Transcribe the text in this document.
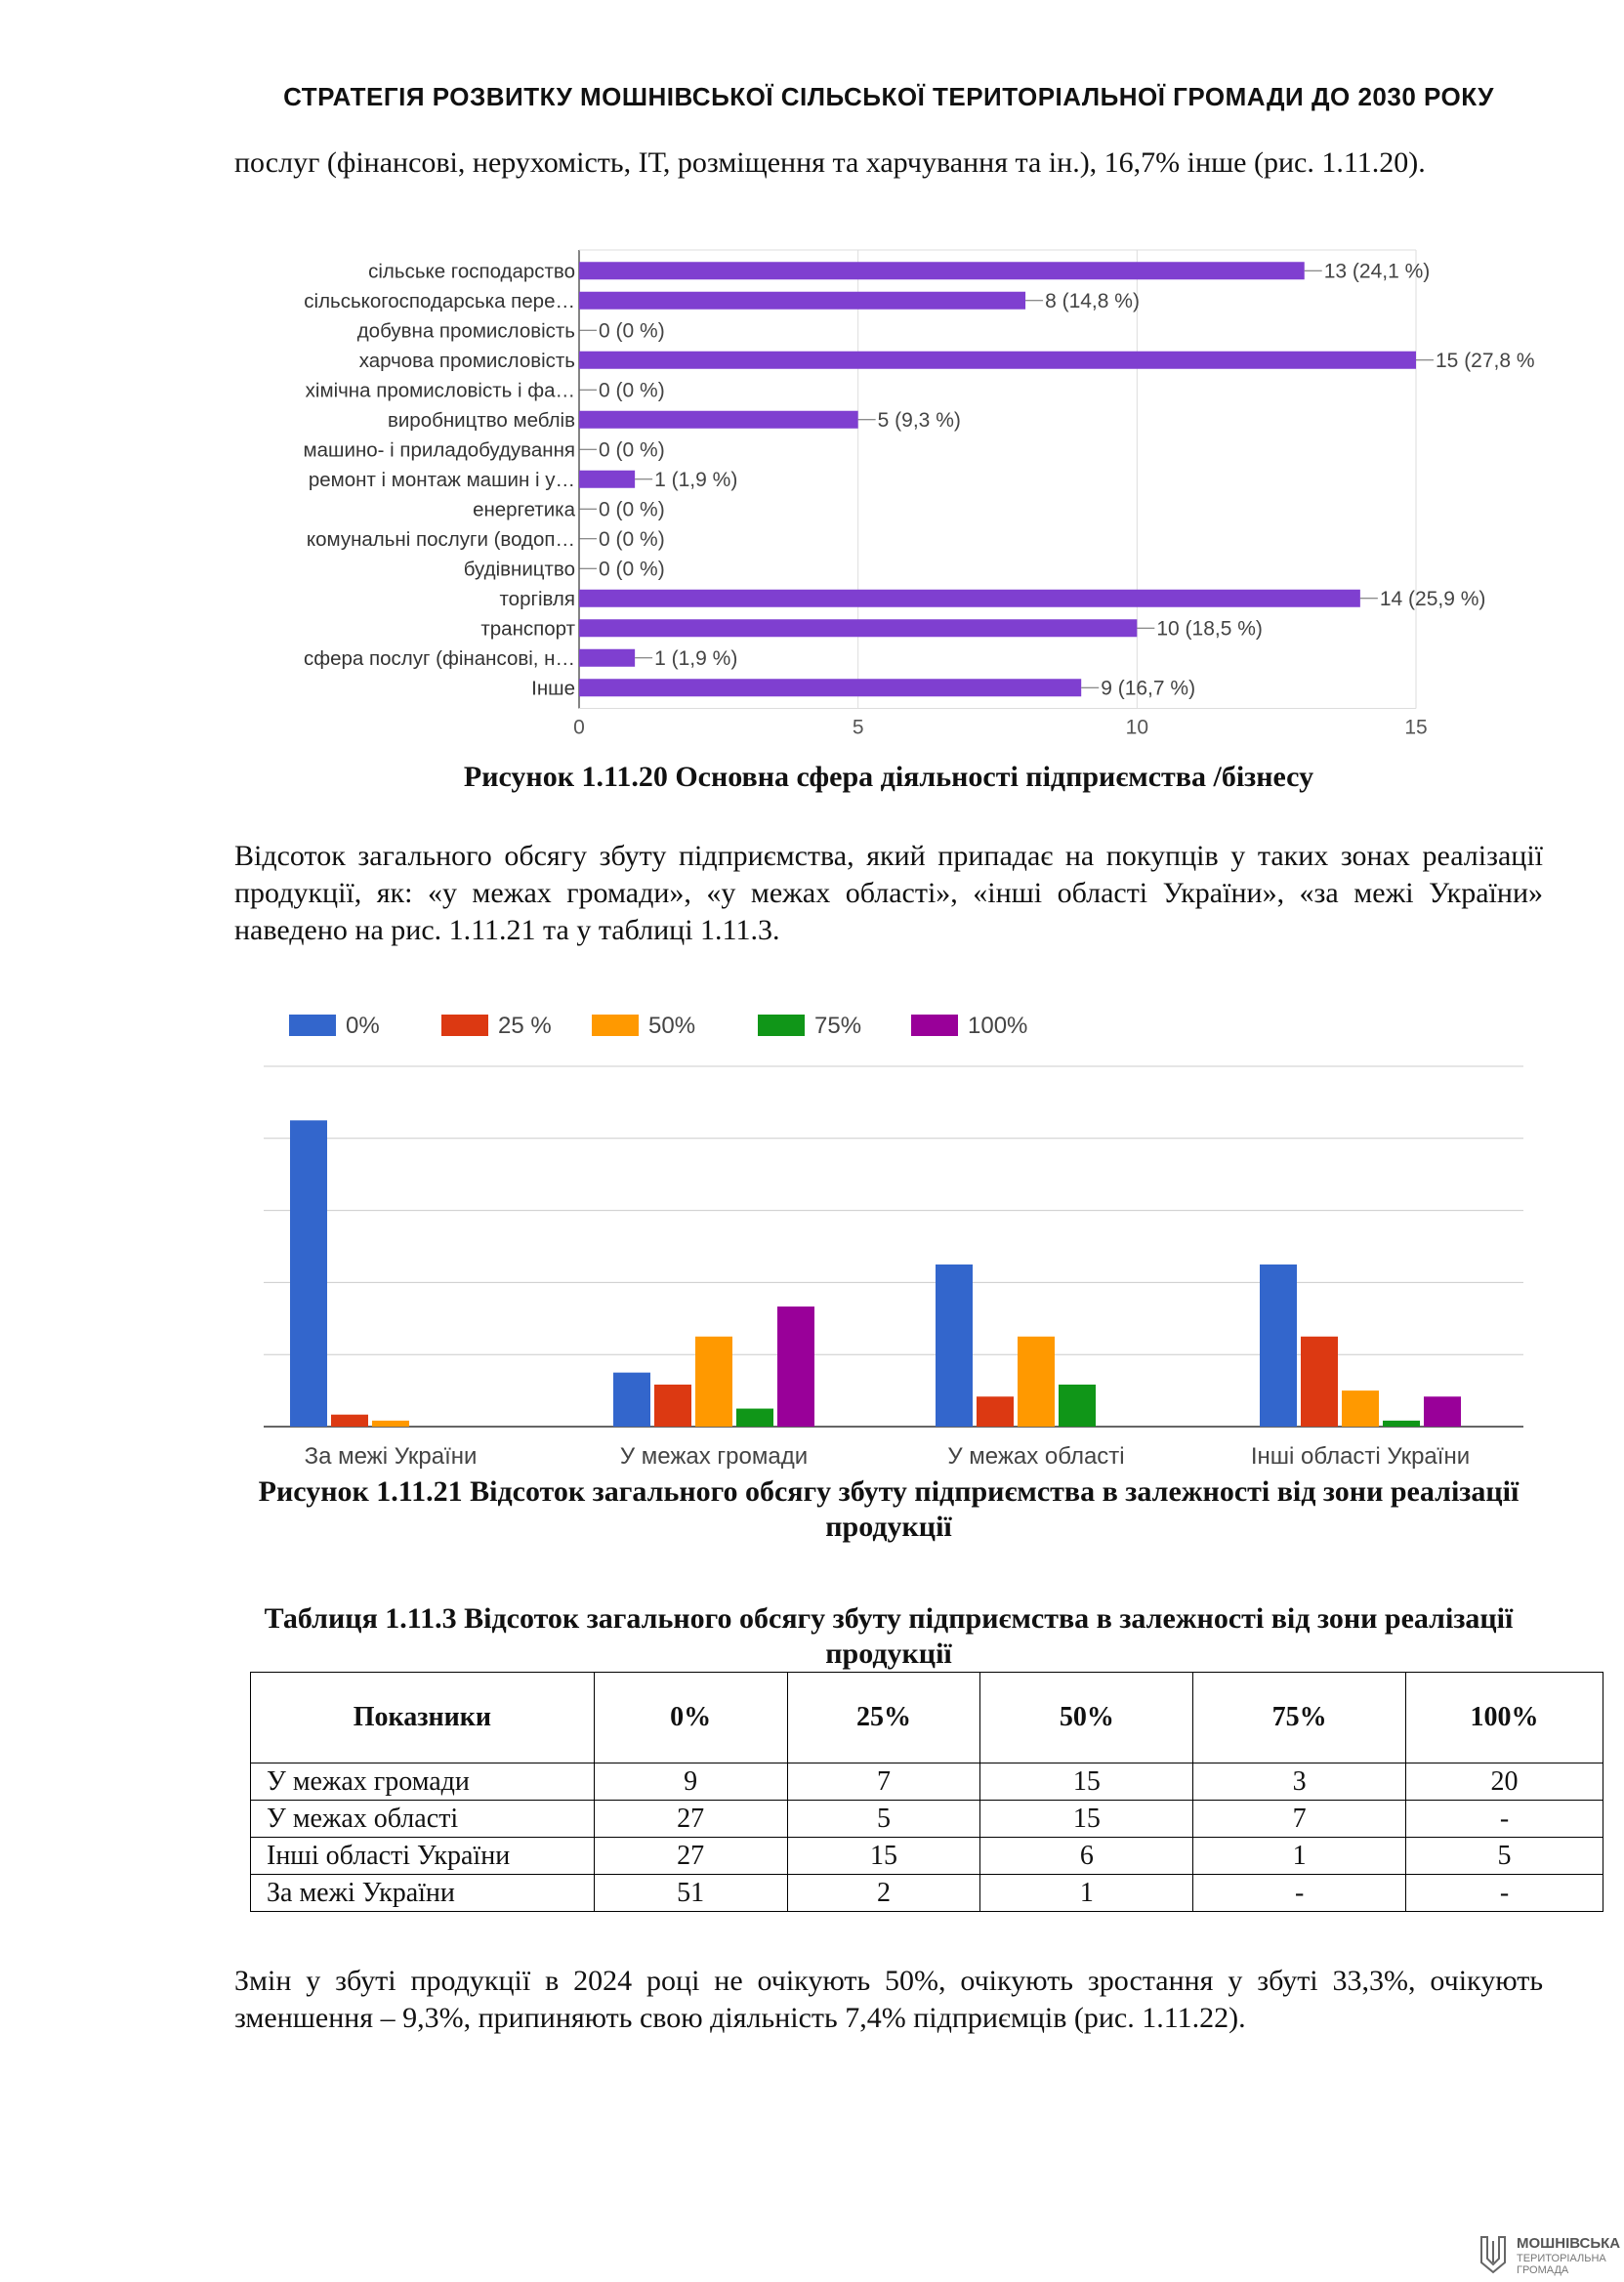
СТРАТЕГІЯ РОЗВИТКУ МОШНІВСЬКОЇ СІЛЬСЬКОЇ ТЕРИТОРІАЛЬНОЇ ГРОМАДИ ДО 2030 РОКУ
послуг (фінансові, нерухомість, ІТ, розміщення та харчування та ін.), 16,7% інше (рис. 1.11.20).
0	5	10	15
сільське господарство	13 (24,1 %)
сільськогосподарська пере…	8 (14,8 %)
добувна промисловість 0 (0 %)
харчова промисловість	15 (27,8 %
хімічна промисловість і фа… 0 (0 %)
виробництво меблів	5 (9,3 %)
машино- і приладобудування 0 (0 %)
ремонт і монтаж машин і у…	1 (1,9 %)
енергетика 0 (0 %)
комунальні послуги (водоп… 0 (0 %)
будівництво 0 (0 %)
торгівля	14 (25,9 %)
транспорт	10 (18,5 %)
сфера послуг (фінансові, н…	1 (1,9 %)
Інше	9 (16,7 %)
Рисунок 1.11.20 Основна сфера діяльності підприємства /бізнесу
Відсоток загального обсягу збуту підприємства, який припадає на покупців у таких зонах реалізації продукції, як: «у межах громади», «у межах області», «інші області України», «за межі України» наведено на рис. 1.11.21 та у таблиці 1.11.3.
0%	25 %	50%	75%	100%
За межі України	У межах громади	У межах області	Інші області України
Рисунок 1.11.21 Відсоток загального обсягу збуту підприємства в залежності від зони реалізації продукції
Таблиця 1.11.3 Відсоток загального обсягу збуту підприємства в залежності від зони реалізації продукції
Показники	0%	25%	50%	75%	100%
У межах громади	9	7	15	3	20
У межах області	27	5	15	7	-
Інші області України	27	15	6	1	5
За межі України	51	2	1	-	-
Змін у збуті продукції в 2024 році не очікують 50%, очікують зростання у збуті 33,3%, очікують зменшення – 9,3%, припиняють свою діяльність 7,4% підприємців (рис. 1.11.22).
МОШНІВСЬКА
ТЕРИТОРІАЛЬНА
ГРОМАДА
